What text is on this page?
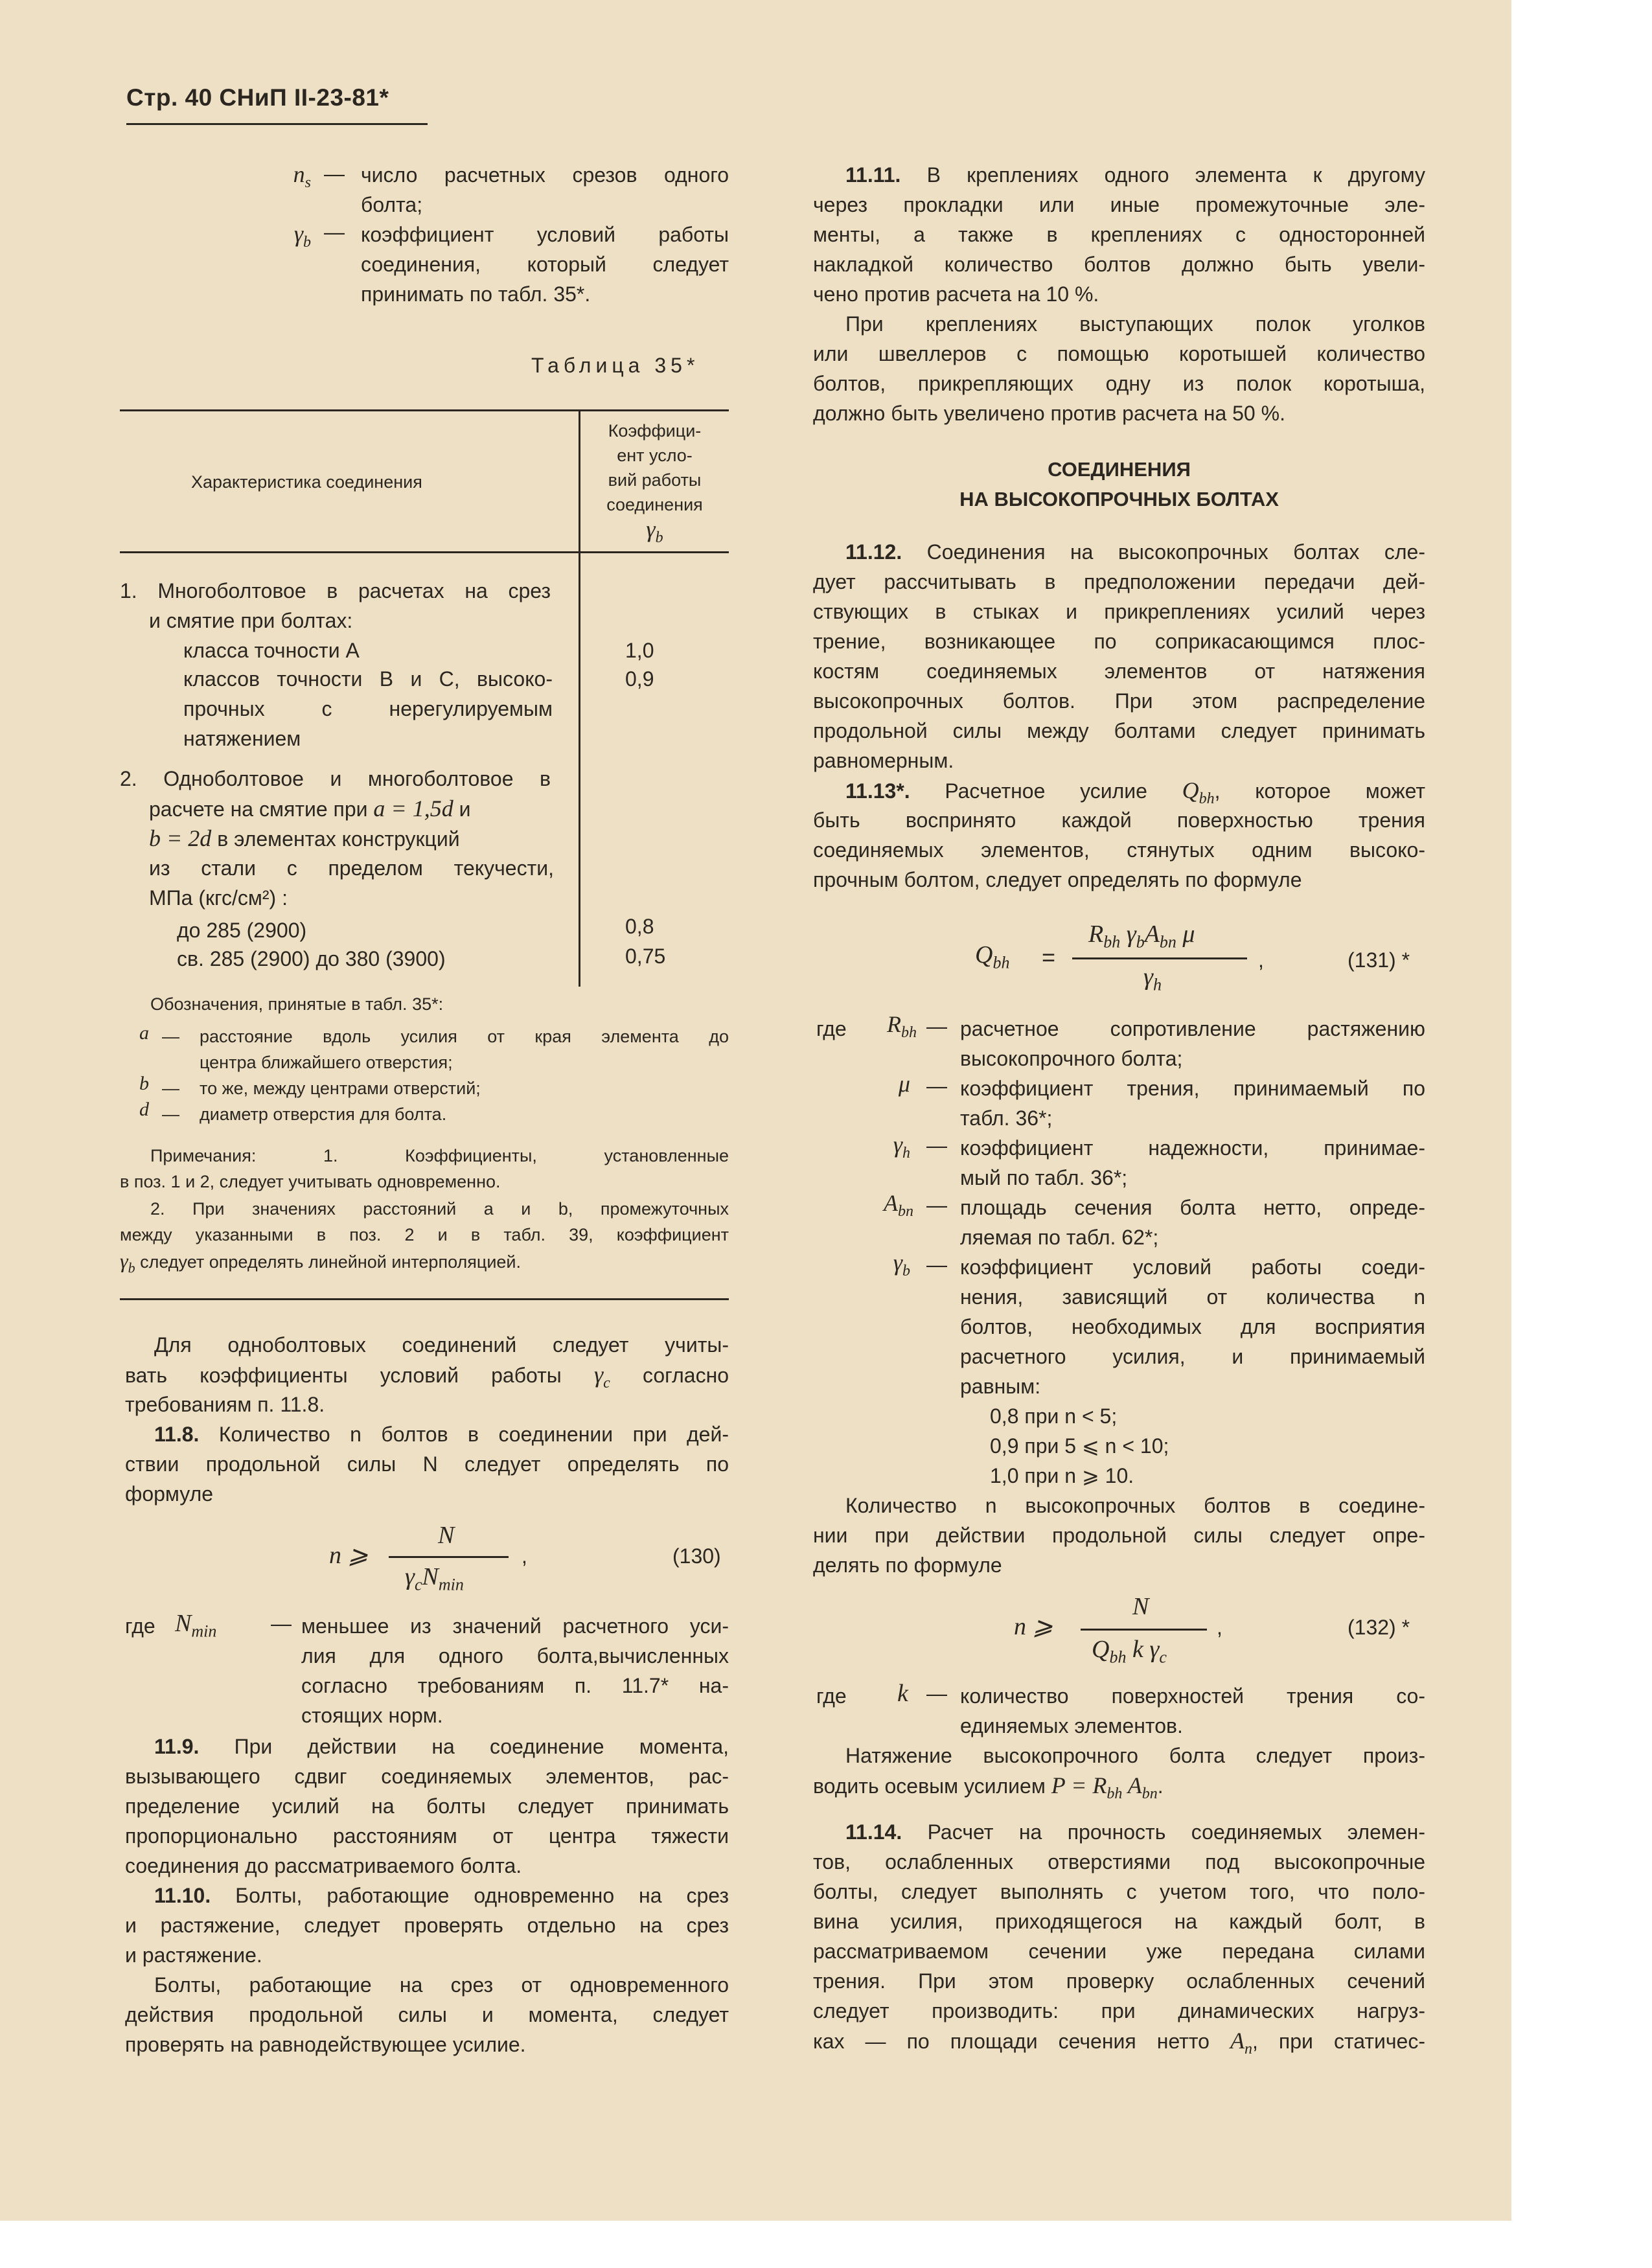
Стр. 40 СНиП II-23-81*
$n_s$ — число расчетных срезов одного
болта;
$\gamma_b$ — коэффициент условий работы
соединения, который следует
принимать по табл. 35*.
Таблица 35*
Характеристика соединения
Коэффици-
ент усло-
вий работы
соединения
$\gamma_b$
1. Многоболтовое в расчетах на срез
и смятие при болтах:
класса точности А	1,0
классов точности В и С, высоко-	0,9
прочных с нерегулируемым
натяжением
2. Одноболтовое и многоболтовое в
расчете на смятие при a = 1,5d и
b = 2d в элементах конструкций
из стали с пределом текучести,
МПа (кгс/см²) :
до 285 (2900)	0,8
св. 285 (2900) до 380 (3900)	0,75
Обозначения, принятые в табл. 35*:
a — расстояние вдоль усилия от края элемента до
центра ближайшего отверстия;
b — то же, между центрами отверстий;
d — диаметр отверстия для болта.
Примечания: 1. Коэффициенты, установленные
в поз. 1 и 2, следует учитывать одновременно.
2. При значениях расстояний a и b, промежуточных
между указанными в поз. 2 и в табл. 39, коэффициент
$\gamma_b$ следует определять линейной интерполяцией.
Для одноболтовых соединений следует учиты-
вать коэффициенты условий работы $\gamma_c$ согласно
требованиям п. 11.8.
11.8. Количество n болтов в соединении при дей-
ствии продольной силы N следует определять по
формуле
n ⩾
N
$\gamma_cN_{min}$
,	(130)
где $N_{min}$	— меньшее из значений расчетного уси-
лия для одного болта,вычисленных
согласно требованиям п. 11.7* на-
стоящих норм.
11.9. При действии на соединение момента,
вызывающего сдвиг соединяемых элементов, рас-
пределение усилий на болты следует принимать
пропорционально расстояниям от центра тяжести
соединения до рассматриваемого болта.
11.10. Болты, работающие одновременно на срез
и растяжение, следует проверять отдельно на срез
и растяжение.
Болты, работающие на срез от одновременного
действия продольной силы и момента, следует
проверять на равнодействующее усилие.
11.11. В креплениях одного элемента к другому
через прокладки или иные промежуточные эле-
менты, а также в креплениях с односторонней
накладкой количество болтов должно быть увели-
чено против расчета на 10 %.
При креплениях выступающих полок уголков
или швеллеров с помощью коротышей количество
болтов, прикрепляющих одну из полок коротыша,
должно быть увеличено против расчета на 50 %.
СОЕДИНЕНИЯ
НА ВЫСОКОПРОЧНЫХ БОЛТАХ
11.12. Соединения на высокопрочных болтах сле-
дует рассчитывать в предположении передачи дей-
ствующих в стыках и прикреплениях усилий через
трение, возникающее по соприкасающимся плос-
костям соединяемых элементов от натяжения
высокопрочных болтов. При этом распределение
продольной силы между болтами следует принимать
равномерным.
11.13*. Расчетное усилие $Q_{bh}$, которое может
быть воспринято каждой поверхностью трения
соединяемых элементов, стянутых одним высоко-
прочным болтом, следует определять по формуле
$Q_{bh}$ =
$R_{bh}$ $\gamma_bA_{bn}$ μ
$\gamma_h$
,	(131) *
где	$R_{bh}$ — расчетное сопротивление растяжению
высокопрочного болта;
μ — коэффициент трения, принимаемый по
табл. 36*;
$\gamma_h$ — коэффициент надежности, принимае-
мый по табл. 36*;
$A_{bn}$ — площадь сечения болта нетто, опреде-
ляемая по табл. 62*;
$\gamma_b$ — коэффициент условий работы соеди-
нения, зависящий от количества n
болтов, необходимых для восприятия
расчетного усилия, и принимаемый
равным:
0,8 при n < 5;
0,9 при 5 ⩽ n < 10;
1,0 при n ⩾ 10.
Количество n высокопрочных болтов в соедине-
нии при действии продольной силы следует опре-
делять по формуле
n ⩾
N
$Q_{bh}$ k $\gamma_c$
,	(132) *
где k — количество поверхностей трения со-
единяемых элементов.
Натяжение высокопрочного болта следует произ-
водить осевым усилием $P = R_{bh}$ $A_{bn}$.
11.14. Расчет на прочность соединяемых элемен-
тов, ослабленных отверстиями под высокопрочные
болты, следует выполнять с учетом того, что поло-
вина усилия, приходящегося на каждый болт, в
рассматриваемом сечении уже передана силами
трения. При этом проверку ослабленных сечений
следует производить: при динамических нагруз-
ках — по площади сечения нетто $A_n$, при статичес-
